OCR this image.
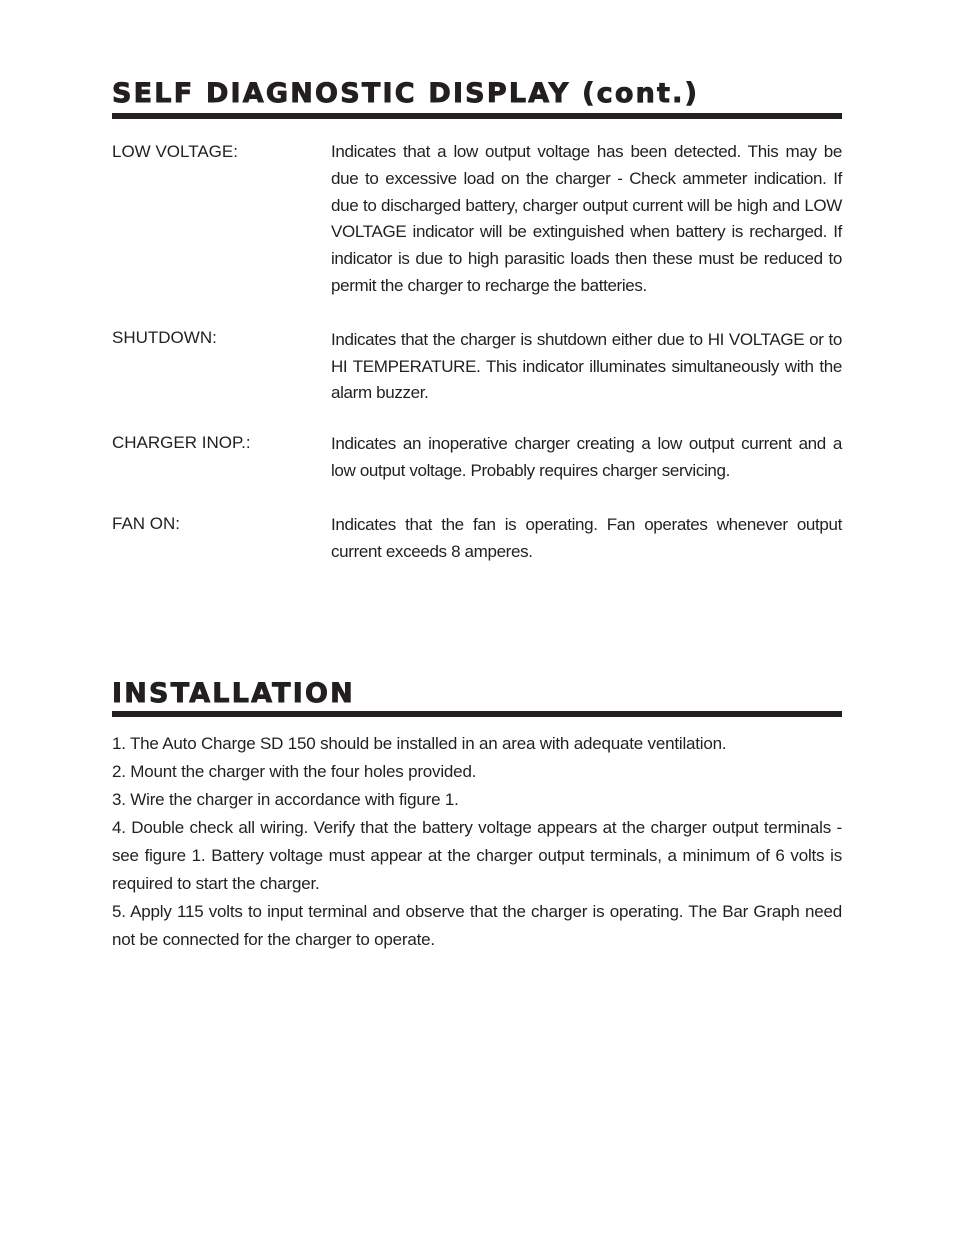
SELF DIAGNOSTIC DISPLAY (cont.)
LOW VOLTAGE:	Indicates that a low output voltage has been detected. This may be due to excessive load on the charger - Check ammeter indication. If due to discharged battery, charger output current will be high and LOW VOLTAGE indicator will be extinguished when battery is recharged. If indicator is due to high parasitic loads then these must be reduced to permit the charger to recharge the batteries.

SHUTDOWN:	Indicates that the charger is shutdown either due to HI VOLTAGE or to HI TEMPERATURE. This indicator illuminates simultaneously with the alarm buzzer.

CHARGER INOP.:	Indicates an inoperative charger creating a low output current and a low output voltage. Probably requires charger servicing.

FAN ON:	Indicates that the fan is operating. Fan operates whenever output current exceeds 8 amperes.

INSTALLATION
1. The Auto Charge SD 150 should be installed in an area with adequate ventilation.
2. Mount the charger with the four holes provided.
3. Wire the charger in accordance with figure 1.
4. Double check all wiring. Verify that the battery voltage appears at the charger output terminals - see figure 1. Battery voltage must appear at the charger output terminals, a minimum of 6 volts is required to start the charger.
5. Apply 115 volts to input terminal and observe that the charger is operating. The Bar Graph need not be connected for the charger to operate.
